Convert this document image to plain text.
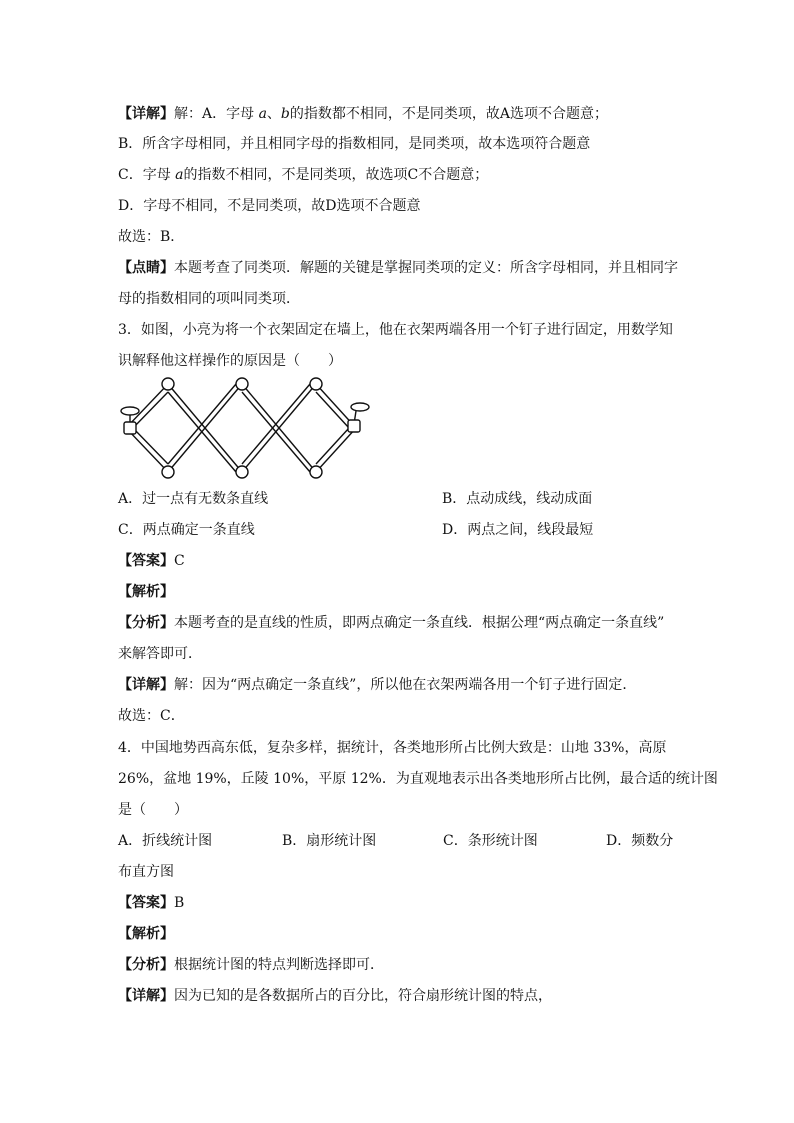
【详解】解：A．字母 a、b的指数都不相同，不是同类项，故A选项不合题意；
B．所含字母相同，并且相同字母的指数相同，是同类项，故本选项符合题意
C．字母 a的指数不相同，不是同类项，故选项C不合题意；
D．字母不相同，不是同类项，故D选项不合题意
故选：B．
【点睛】本题考查了同类项．解题的关键是掌握同类项的定义：所含字母相同，并且相同字
母的指数相同的项叫同类项．
3．如图，小亮为将一个衣架固定在墙上，他在衣架两端各用一个钉子进行固定，用数学知
识解释他这样操作的原因是（　　）
A．过一点有无数条直线	B．点动成线，线动成面
C．两点确定一条直线	D．两点之间，线段最短
【答案】C
【解析】
【分析】本题考查的是直线的性质，即两点确定一条直线．根据公理“两点确定一条直线”
来解答即可．
【详解】解：因为“两点确定一条直线”，所以他在衣架两端各用一个钉子进行固定．
故选：C．
4．中国地势西高东低，复杂多样，据统计，各类地形所占比例大致是：山地 33%，高原
26%，盆地 19%，丘陵 10%，平原 12%．为直观地表示出各类地形所占比例，最合适的统计图
是（　　）
A．折线统计图	B．扇形统计图	C．条形统计图	D．频数分
布直方图
【答案】B
【解析】
【分析】根据统计图的特点判断选择即可．
【详解】因为已知的是各数据所占的百分比，符合扇形统计图的特点，
